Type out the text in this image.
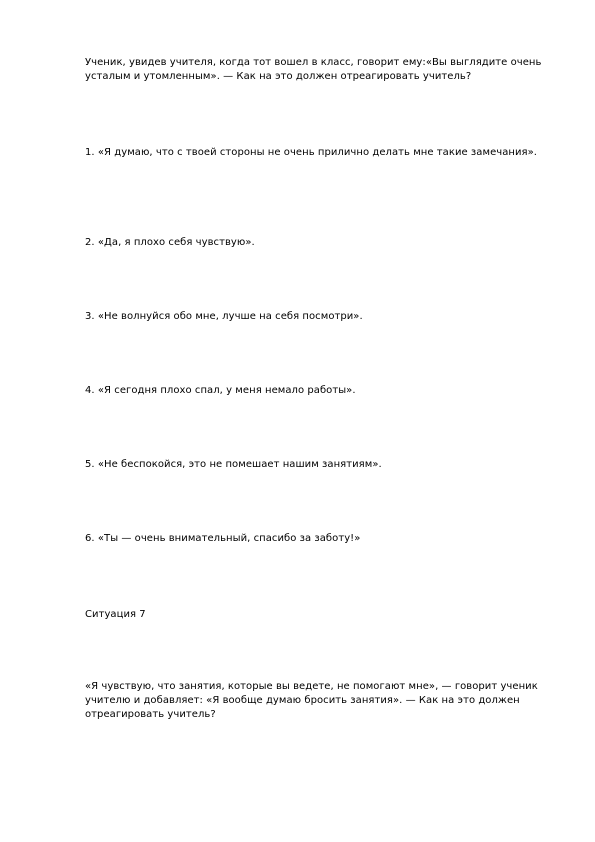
Ученик, увидев учителя, когда тот вошел в класс, говорит ему:«Вы выглядите очень усталым и утомленным». — Как на это должен отреагировать учитель?
1. «Я думаю, что с твоей стороны не очень прилично делать мне такие замечания».
2. «Да, я плохо себя чувствую».
3. «Не волнуйся обо мне, лучше на себя посмотри».
4. «Я сегодня плохо спал, у меня немало работы».
5. «Не беспокойся, это не помешает нашим занятиям».
6. «Ты — очень внимательный, спасибо за заботу!»
Ситуация 7
«Я чувствую, что занятия, которые вы ведете, не помогают мне», — говорит ученик учителю и добавляет: «Я вообще думаю бросить занятия». — Как на это должен отреагировать учитель?
